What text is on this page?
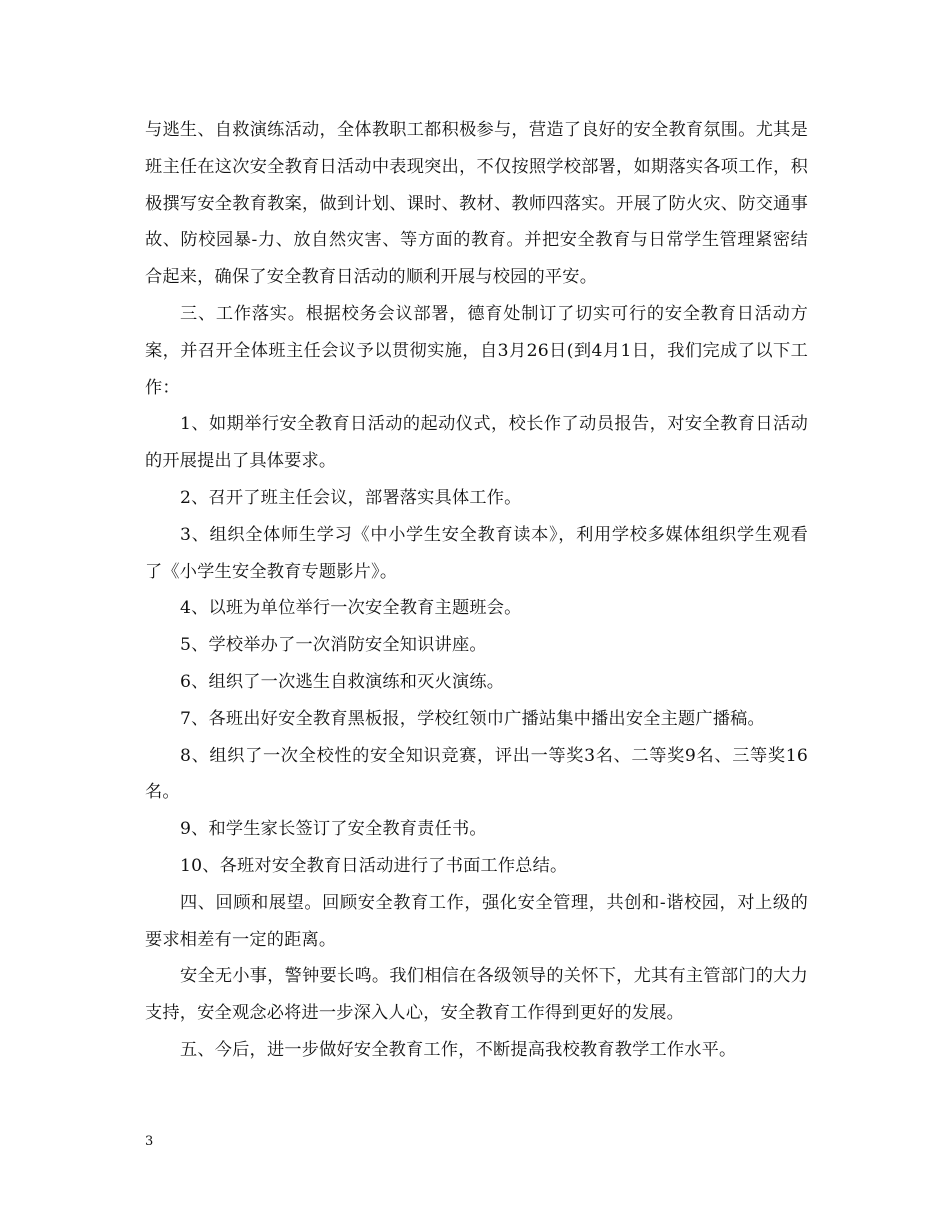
与逃生、自救演练活动，全体教职工都积极参与，营造了良好的安全教育氛围。尤其是班主任在这次安全教育日活动中表现突出，不仅按照学校部署，如期落实各项工作，积极撰写安全教育教案，做到计划、课时、教材、教师四落实。开展了防火灾、防交通事故、防校园暴-力、放自然灾害、等方面的教育。并把安全教育与日常学生管理紧密结合起来，确保了安全教育日活动的顺利开展与校园的平安。

三、工作落实。根据校务会议部署，德育处制订了切实可行的安全教育日活动方案，并召开全体班主任会议予以贯彻实施，自3月26日(到4月1日，我们完成了以下工作：

1、如期举行安全教育日活动的起动仪式，校长作了动员报告，对安全教育日活动的开展提出了具体要求。

2、召开了班主任会议，部署落实具体工作。

3、组织全体师生学习《中小学生安全教育读本》，利用学校多媒体组织学生观看了《小学生安全教育专题影片》。

4、以班为单位举行一次安全教育主题班会。

5、学校举办了一次消防安全知识讲座。

6、组织了一次逃生自救演练和灭火演练。

7、各班出好安全教育黑板报，学校红领巾广播站集中播出安全主题广播稿。

8、组织了一次全校性的安全知识竞赛，评出一等奖3名、二等奖9名、三等奖16名。

9、和学生家长签订了安全教育责任书。

10、各班对安全教育日活动进行了书面工作总结。

四、回顾和展望。回顾安全教育工作，强化安全管理，共创和-谐校园，对上级的要求相差有一定的距离。

安全无小事，警钟要长鸣。我们相信在各级领导的关怀下，尤其有主管部门的大力支持，安全观念必将进一步深入人心，安全教育工作得到更好的发展。

五、今后，进一步做好安全教育工作，不断提高我校教育教学工作水平。

3
